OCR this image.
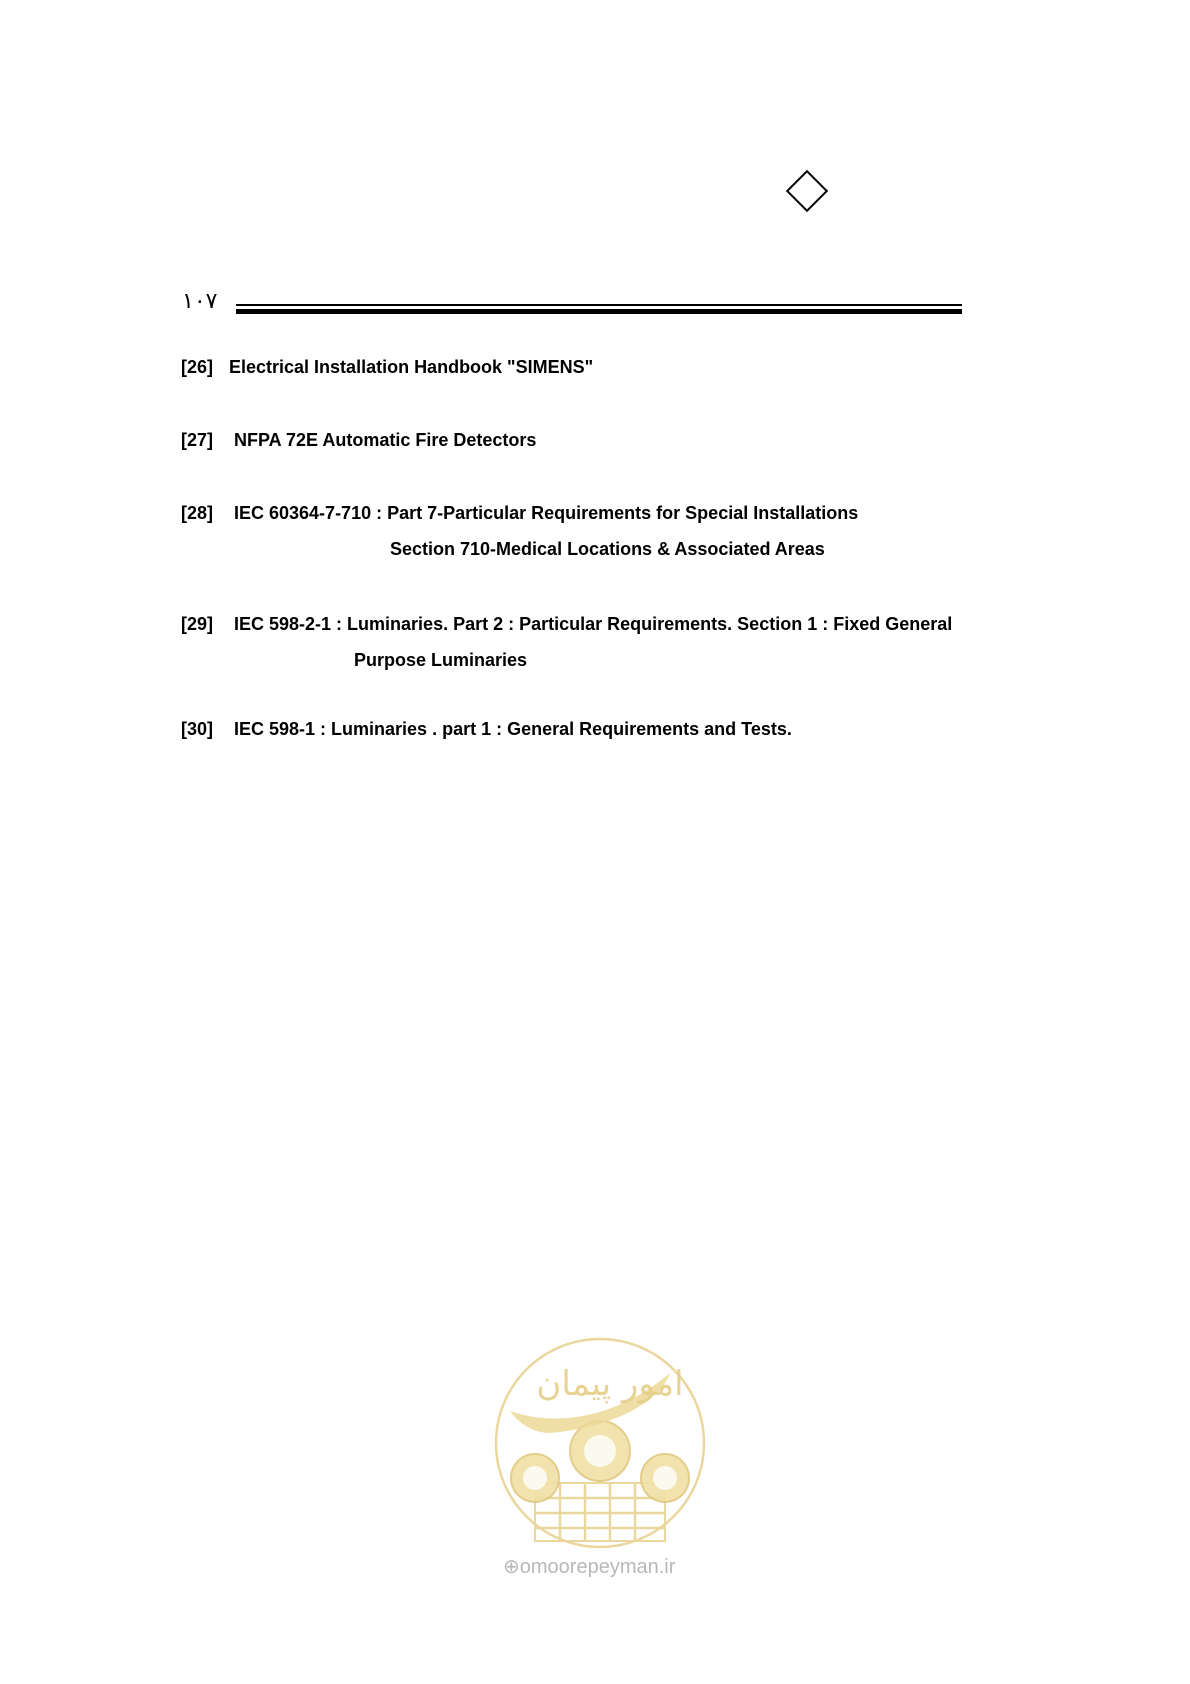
۱۰۷
[26] Electrical Installation Handbook "SIMENS"
[27] NFPA 72E Automatic Fire Detectors
[28] IEC 60364-7-710 : Part 7-Particular Requirements for Special Installations
Section 710-Medical Locations & Associated Areas
[29] IEC 598-2-1 : Luminaries. Part 2 : Particular Requirements. Section 1 : Fixed General
Purpose Luminaries
[30] IEC 598-1 : Luminaries . part 1 : General Requirements and Tests.
امور پیمان
⊕omoorepeyman.ir
